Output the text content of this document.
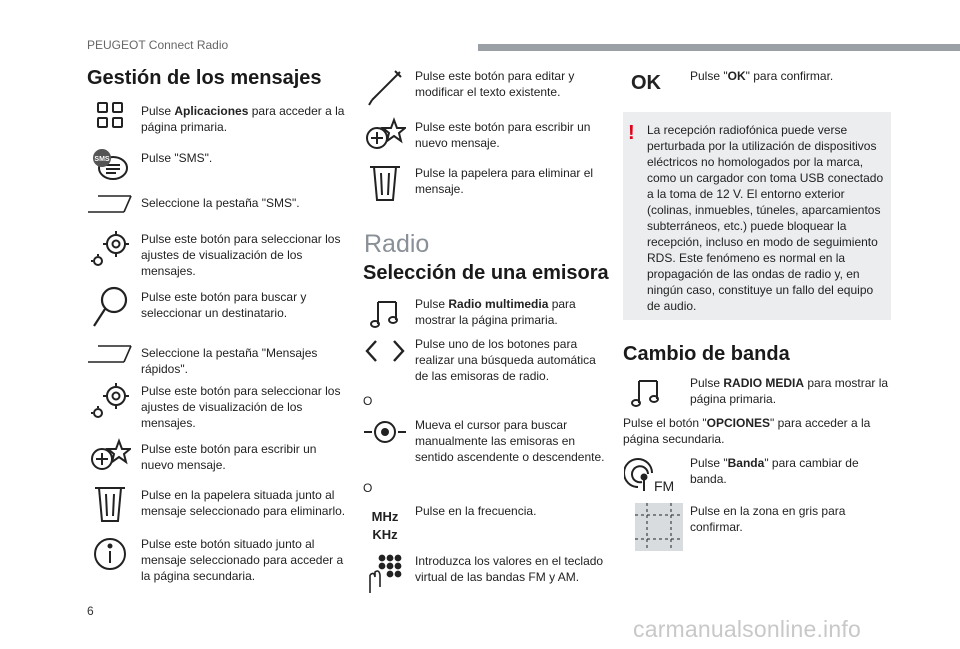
PEUGEOT Connect Radio
Gestión de los mensajes
Pulse Aplicaciones para acceder a la página primaria.
SMS	Pulse "SMS".
Seleccione la pestaña "SMS".
Pulse este botón para seleccionar los ajustes de visualización de los mensajes.
Pulse este botón para buscar y seleccionar un destinatario.
Seleccione la pestaña "Mensajes rápidos".
Pulse este botón para seleccionar los ajustes de visualización de los mensajes.
Pulse este botón para escribir un nuevo mensaje.
Pulse en la papelera situada junto al mensaje seleccionado para eliminarlo.
Pulse este botón situado junto al mensaje seleccionado para acceder a la página secundaria.
Pulse este botón para editar y modificar el texto existente.
Pulse este botón para escribir un nuevo mensaje.
Pulse la papelera para eliminar el mensaje.
Radio
Selección de una emisora
Pulse Radio multimedia para mostrar la página primaria.
Pulse uno de los botones para realizar una búsqueda automática de las emisoras de radio.
O
Mueva el cursor para buscar manualmente las emisoras en sentido ascendente o descendente.
O
MHz
KHz
Pulse en la frecuencia.
Introduzca los valores en el teclado virtual de las bandas FM y AM.
OK Pulse "OK" para confirmar.
! La recepción radiofónica puede verse perturbada por la utilización de dispositivos eléctricos no homologados por la marca, como un cargador con toma USB conectado a la toma de 12 V. El entorno exterior (colinas, inmuebles, túneles, aparcamientos subterráneos, etc.) puede bloquear la recepción, incluso en modo de seguimiento RDS. Este fenómeno es normal en la propagación de las ondas de radio y, en ningún caso, constituye un fallo del equipo de audio.
Cambio de banda
Pulse RADIO MEDIA para mostrar la página primaria.
Pulse el botón "OPCIONES" para acceder a la página secundaria.
FM
Pulse "Banda" para cambiar de banda.
Pulse en la zona en gris para confirmar.
6
carmanualsonline.info
